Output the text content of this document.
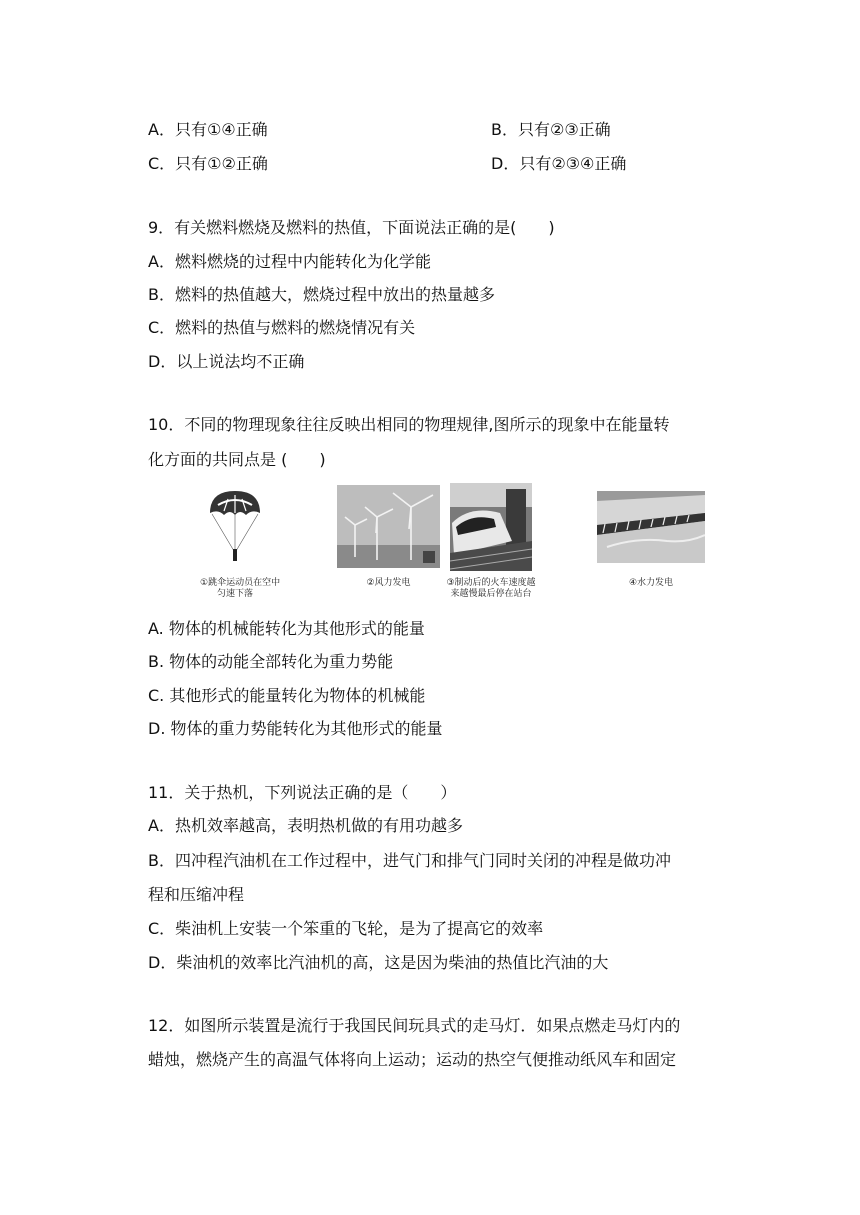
A．只有①④正确	B．只有②③正确
C．只有①②正确	D．只有②③④正确
9．有关燃料燃烧及燃料的热值，下面说法正确的是(　　)
A．燃料燃烧的过程中内能转化为化学能
B．燃料的热值越大，燃烧过程中放出的热量越多
C．燃料的热值与燃料的燃烧情况有关
D．以上说法均不正确
10．不同的物理现象往往反映出相同的物理规律,图所示的现象中在能量转
化方面的共同点是 (　　)
①跳伞运动员在空中
匀速下落
②风力发电	③制动后的火车速度越
来越慢最后停在站台
④水力发电
A. 物体的机械能转化为其他形式的能量
B. 物体的动能全部转化为重力势能
C. 其他形式的能量转化为物体的机械能
D. 物体的重力势能转化为其他形式的能量
11．关于热机，下列说法正确的是（　　）
A．热机效率越高，表明热机做的有用功越多
B．四冲程汽油机在工作过程中，进气门和排气门同时关闭的冲程是做功冲
程和压缩冲程
C．柴油机上安装一个笨重的飞轮，是为了提高它的效率
D．柴油机的效率比汽油机的高，这是因为柴油的热值比汽油的大
12．如图所示装置是流行于我国民间玩具式的走马灯．如果点燃走马灯内的
蜡烛，燃烧产生的高温气体将向上运动；运动的热空气便推动纸风车和固定
